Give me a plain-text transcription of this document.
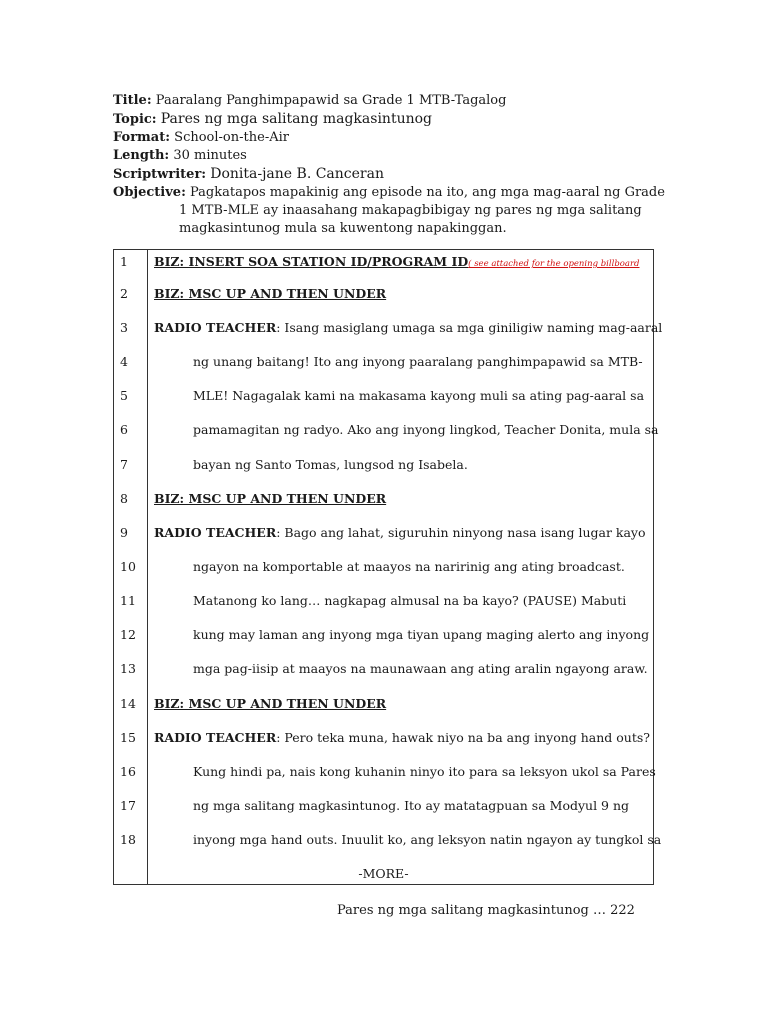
Title: Paaralang Panghimpapawid sa Grade 1 MTB-Tagalog
Topic: Pares ng mga salitang magkasintunog
Format: School-on-the-Air
Length: 30 minutes
Scriptwriter: Donita-jane B. Canceran
Objective: Pagkatapos mapakinig ang episode na ito, ang mga mag-aaral ng Grade
1 MTB-MLE ay inaasahang makapagbibigay ng pares ng mga salitang
magkasintunog mula sa kuwentong napakinggan.
-MORE-
1 BIZ: INSERT SOA STATION ID/PROGRAM ID( see attached for the opening billboard
2 BIZ: MSC UP AND THEN UNDER
3 RADIO TEACHER: Isang masiglang umaga sa mga giniligiw naming mag-aaral
4	ng unang baitang! Ito ang inyong paaralang panghimpapawid sa MTB-
5	MLE! Nagagalak kami na makasama kayong muli sa ating pag-aaral sa
6	pamamagitan ng radyo. Ako ang inyong lingkod, Teacher Donita, mula sa
7	bayan ng Santo Tomas, lungsod ng Isabela.
8 BIZ: MSC UP AND THEN UNDER
9 RADIO TEACHER: Bago ang lahat, siguruhin ninyong nasa isang lugar kayo
10	ngayon na komportable at maayos na naririnig ang ating broadcast.
11	Matanong ko lang… nagkapag almusal na ba kayo? (PAUSE) Mabuti
12	kung may laman ang inyong mga tiyan upang maging alerto ang inyong
13	mga pag-iisip at maayos na maunawaan ang ating aralin ngayong araw.
14 BIZ: MSC UP AND THEN UNDER
15 RADIO TEACHER: Pero teka muna, hawak niyo na ba ang inyong hand outs?
16	Kung hindi pa, nais kong kuhanin ninyo ito para sa leksyon ukol sa Pares
17	ng mga salitang magkasintunog. Ito ay matatagpuan sa Modyul 9 ng
18	inyong mga hand outs. Inuulit ko, ang leksyon natin ngayon ay tungkol sa
Pares ng mga salitang magkasintunog … 222
